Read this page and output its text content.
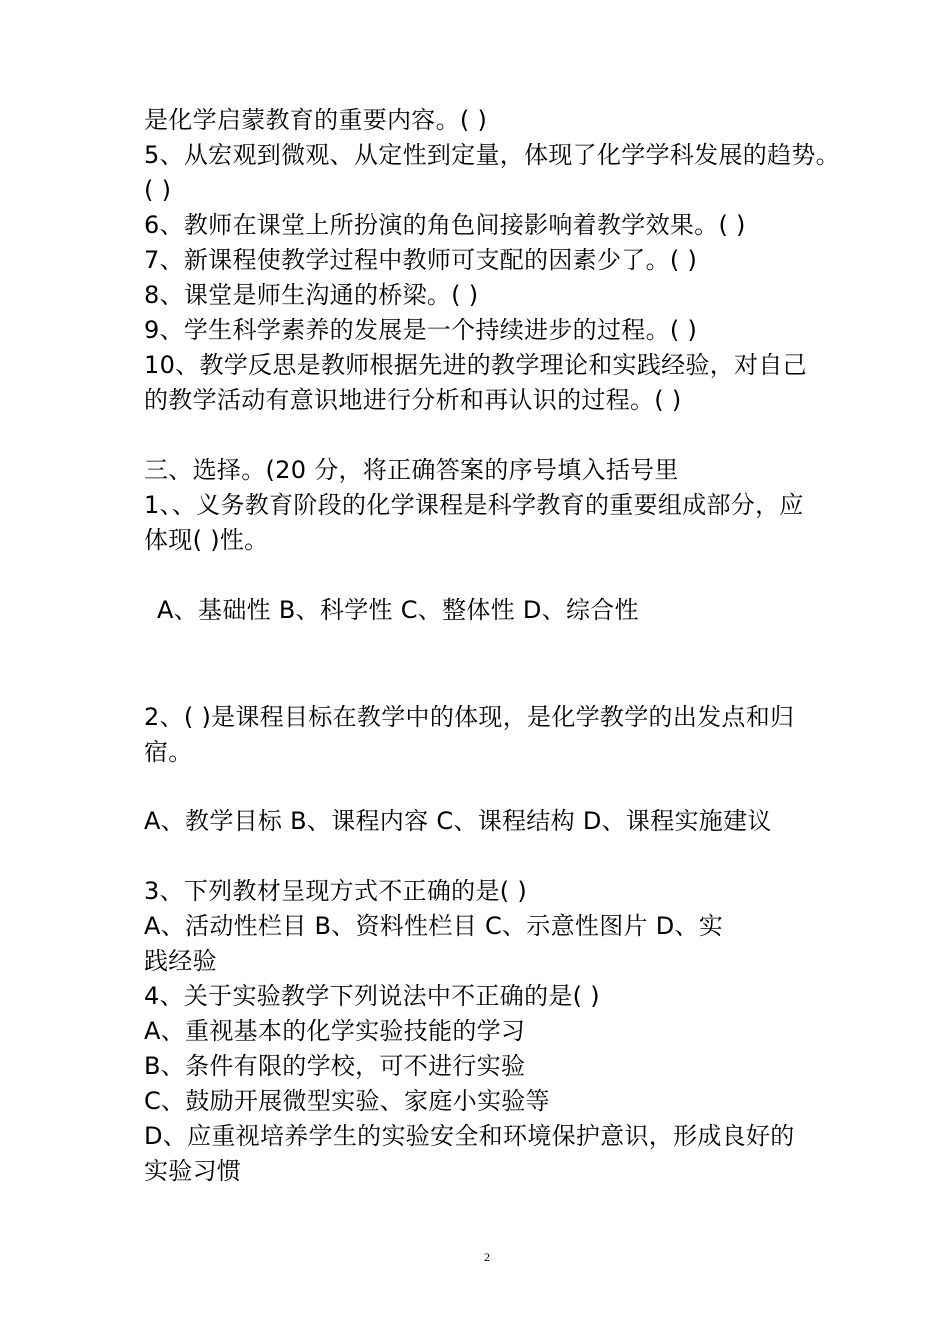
是化学启蒙教育的重要内容。( )
5、从宏观到微观、从定性到定量，体现了化学学科发展的趋势。
( )
6、教师在课堂上所扮演的角色间接影响着教学效果。( )
7、新课程使教学过程中教师可支配的因素少了。( )
8、课堂是师生沟通的桥梁。( )
9、学生科学素养的发展是一个持续进步的过程。( )
10、教学反思是教师根据先进的教学理论和实践经验，对自己
的教学活动有意识地进行分析和再认识的过程。( )
三、选择。(20 分，将正确答案的序号填入括号里
1、、义务教育阶段的化学课程是科学教育的重要组成部分，应
体现( )性。
A、基础性 B、科学性 C、整体性 D、综合性
2、( )是课程目标在教学中的体现，是化学教学的出发点和归
宿。
A、教学目标 B、课程内容 C、课程结构 D、课程实施建议
3、下列教材呈现方式不正确的是( )
A、活动性栏目 B、资料性栏目 C、示意性图片 D、实
践经验
4、关于实验教学下列说法中不正确的是( )
A、重视基本的化学实验技能的学习
B、条件有限的学校，可不进行实验
C、鼓励开展微型实验、家庭小实验等
D、应重视培养学生的实验安全和环境保护意识，形成良好的
实验习惯
2
